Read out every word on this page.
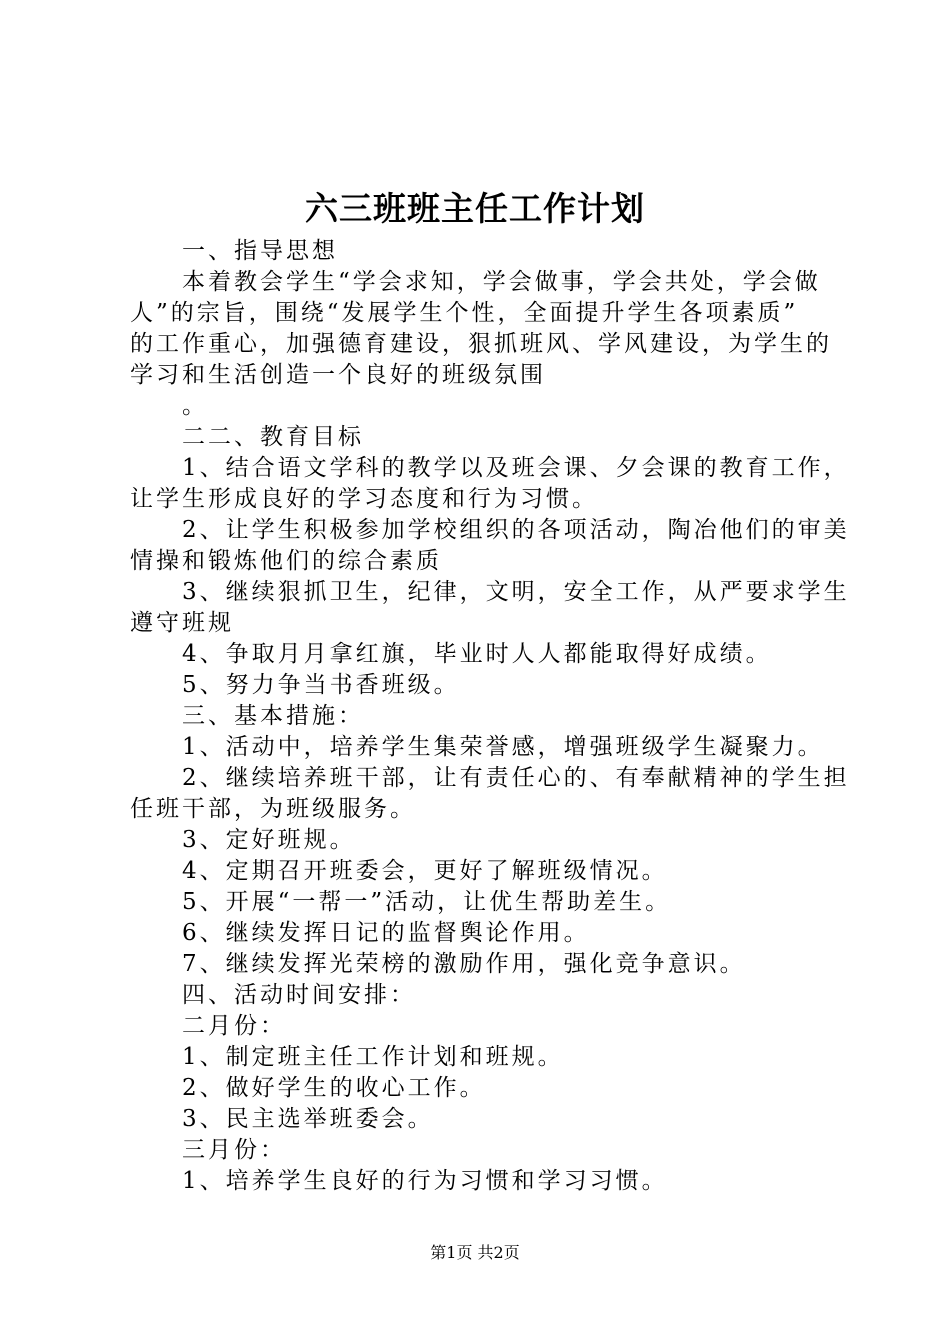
六三班班主任工作计划
　　一、指导思想
　　本着教会学生“学会求知，学会做事，学会共处，学会做
人”的宗旨，围绕“发展学生个性，全面提升学生各项素质”
的工作重心，加强德育建设，狠抓班风、学风建设，为学生的
学习和生活创造一个良好的班级氛围
　　。
　　二二、教育目标
　　1、结合语文学科的教学以及班会课、夕会课的教育工作，
让学生形成良好的学习态度和行为习惯。
　　2、让学生积极参加学校组织的各项活动，陶冶他们的审美
情操和锻炼他们的综合素质
　　3、继续狠抓卫生，纪律，文明，安全工作，从严要求学生
遵守班规
　　4、争取月月拿红旗，毕业时人人都能取得好成绩。
　　5、努力争当书香班级。
　　三、基本措施：
　　1、活动中，培养学生集荣誉感，增强班级学生凝聚力。
　　2、继续培养班干部，让有责任心的、有奉献精神的学生担
任班干部，为班级服务。
　　3、定好班规。
　　4、定期召开班委会，更好了解班级情况。
　　5、开展“一帮一”活动，让优生帮助差生。
　　6、继续发挥日记的监督舆论作用。
　　7、继续发挥光荣榜的激励作用，强化竞争意识。
　　四、活动时间安排：
　　二月份：
　　1、制定班主任工作计划和班规。
　　2、做好学生的收心工作。
　　3、民主选举班委会。
　　三月份：
　　1、培养学生良好的行为习惯和学习习惯。
第1页 共2页
